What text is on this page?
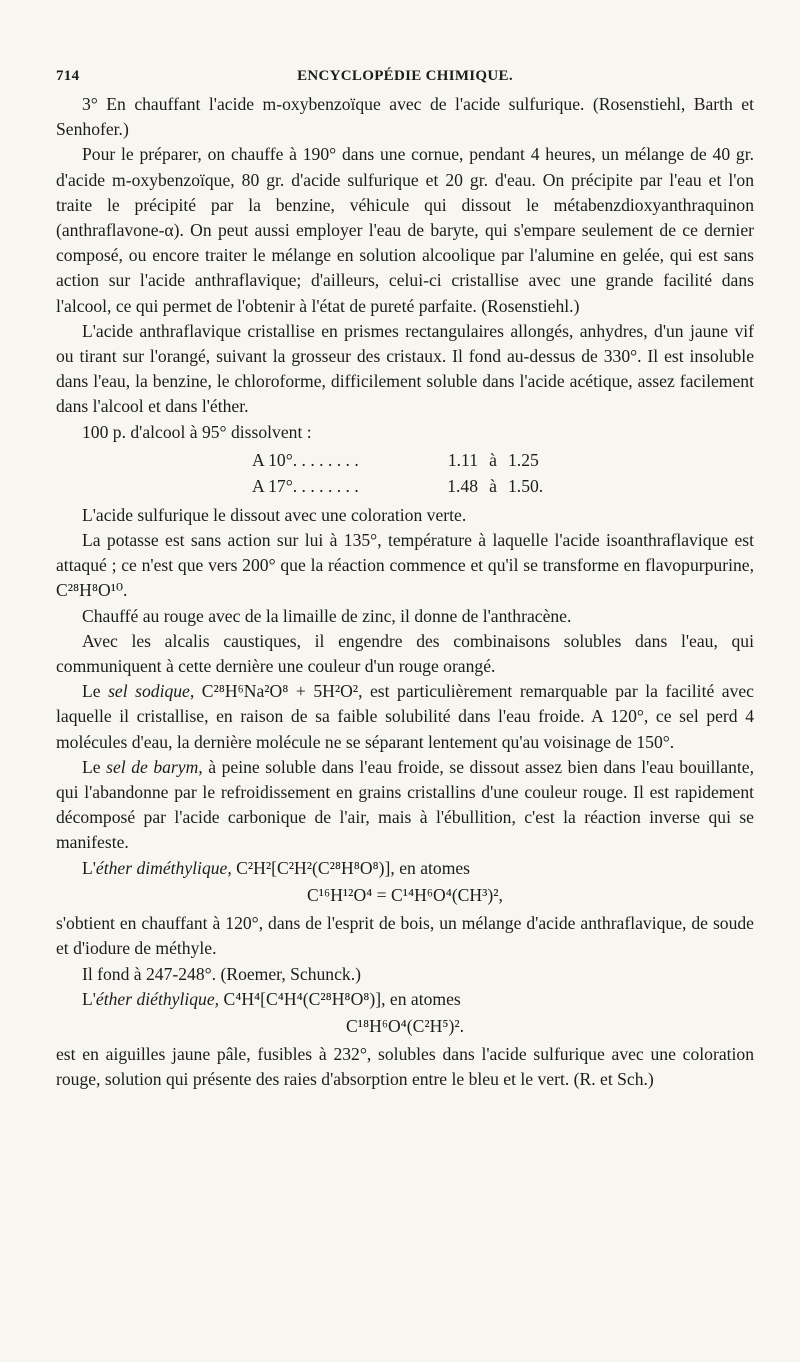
714	ENCYCLOPÉDIE CHIMIQUE.

3° En chauffant l'acide m-oxybenzoïque avec de l'acide sulfurique. (Rosenstiehl, Barth et Senhofer.)

Pour le préparer, on chauffe à 190° dans une cornue, pendant 4 heures, un mélange de 40 gr. d'acide m-oxybenzoïque, 80 gr. d'acide sulfurique et 20 gr. d'eau. On précipite par l'eau et l'on traite le précipité par la benzine, véhicule qui dissout le métabenzdioxyanthraquinon (anthraflavone-α). On peut aussi employer l'eau de baryte, qui s'empare seulement de ce dernier composé, ou encore traiter le mélange en solution alcoolique par l'alumine en gelée, qui est sans action sur l'acide anthraflavique; d'ailleurs, celui-ci cristallise avec une grande facilité dans l'alcool, ce qui permet de l'obtenir à l'état de pureté parfaite. (Rosenstiehl.)

L'acide anthraflavique cristallise en prismes rectangulaires allongés, anhydres, d'un jaune vif ou tirant sur l'orangé, suivant la grosseur des cristaux. Il fond au-dessus de 330°. Il est insoluble dans l'eau, la benzine, le chloroforme, difficilement soluble dans l'acide acétique, assez facilement dans l'alcool et dans l'éther.

100 p. d'alcool à 95° dissolvent :

A 10°. . . . . . . .	1.11 à 1.25
A 17°. . . . . . . .	1.48 à 1.50.

L'acide sulfurique le dissout avec une coloration verte.

La potasse est sans action sur lui à 135°, température à laquelle l'acide isoanthraflavique est attaqué ; ce n'est que vers 200° que la réaction commence et qu'il se transforme en flavopurpurine, C²⁸H⁸O¹⁰.

Chauffé au rouge avec de la limaille de zinc, il donne de l'anthracène.

Avec les alcalis caustiques, il engendre des combinaisons solubles dans l'eau, qui communiquent à cette dernière une couleur d'un rouge orangé.

Le sel sodique, C²⁸H⁶Na²O⁸ + 5H²O², est particulièrement remarquable par la facilité avec laquelle il cristallise, en raison de sa faible solubilité dans l'eau froide. A 120°, ce sel perd 4 molécules d'eau, la dernière molécule ne se séparant lentement qu'au voisinage de 150°.

Le sel de barym, à peine soluble dans l'eau froide, se dissout assez bien dans l'eau bouillante, qui l'abandonne par le refroidissement en grains cristallins d'une couleur rouge. Il est rapidement décomposé par l'acide carbonique de l'air, mais à l'ébullition, c'est la réaction inverse qui se manifeste.

L'éther diméthylique, C²H²[C²H²(C²⁸H⁸O⁸)], en atomes

C¹⁶H¹²O⁴ = C¹⁴H⁶O⁴(CH³)²,

s'obtient en chauffant à 120°, dans de l'esprit de bois, un mélange d'acide anthraflavique, de soude et d'iodure de méthyle.

Il fond à 247-248°. (Roemer, Schunck.)

L'éther diéthylique, C⁴H⁴[C⁴H⁴(C²⁸H⁸O⁸)], en atomes

C¹⁸H⁶O⁴(C²H⁵)².

est en aiguilles jaune pâle, fusibles à 232°, solubles dans l'acide sulfurique avec une coloration rouge, solution qui présente des raies d'absorption entre le bleu et le vert. (R. et Sch.)
